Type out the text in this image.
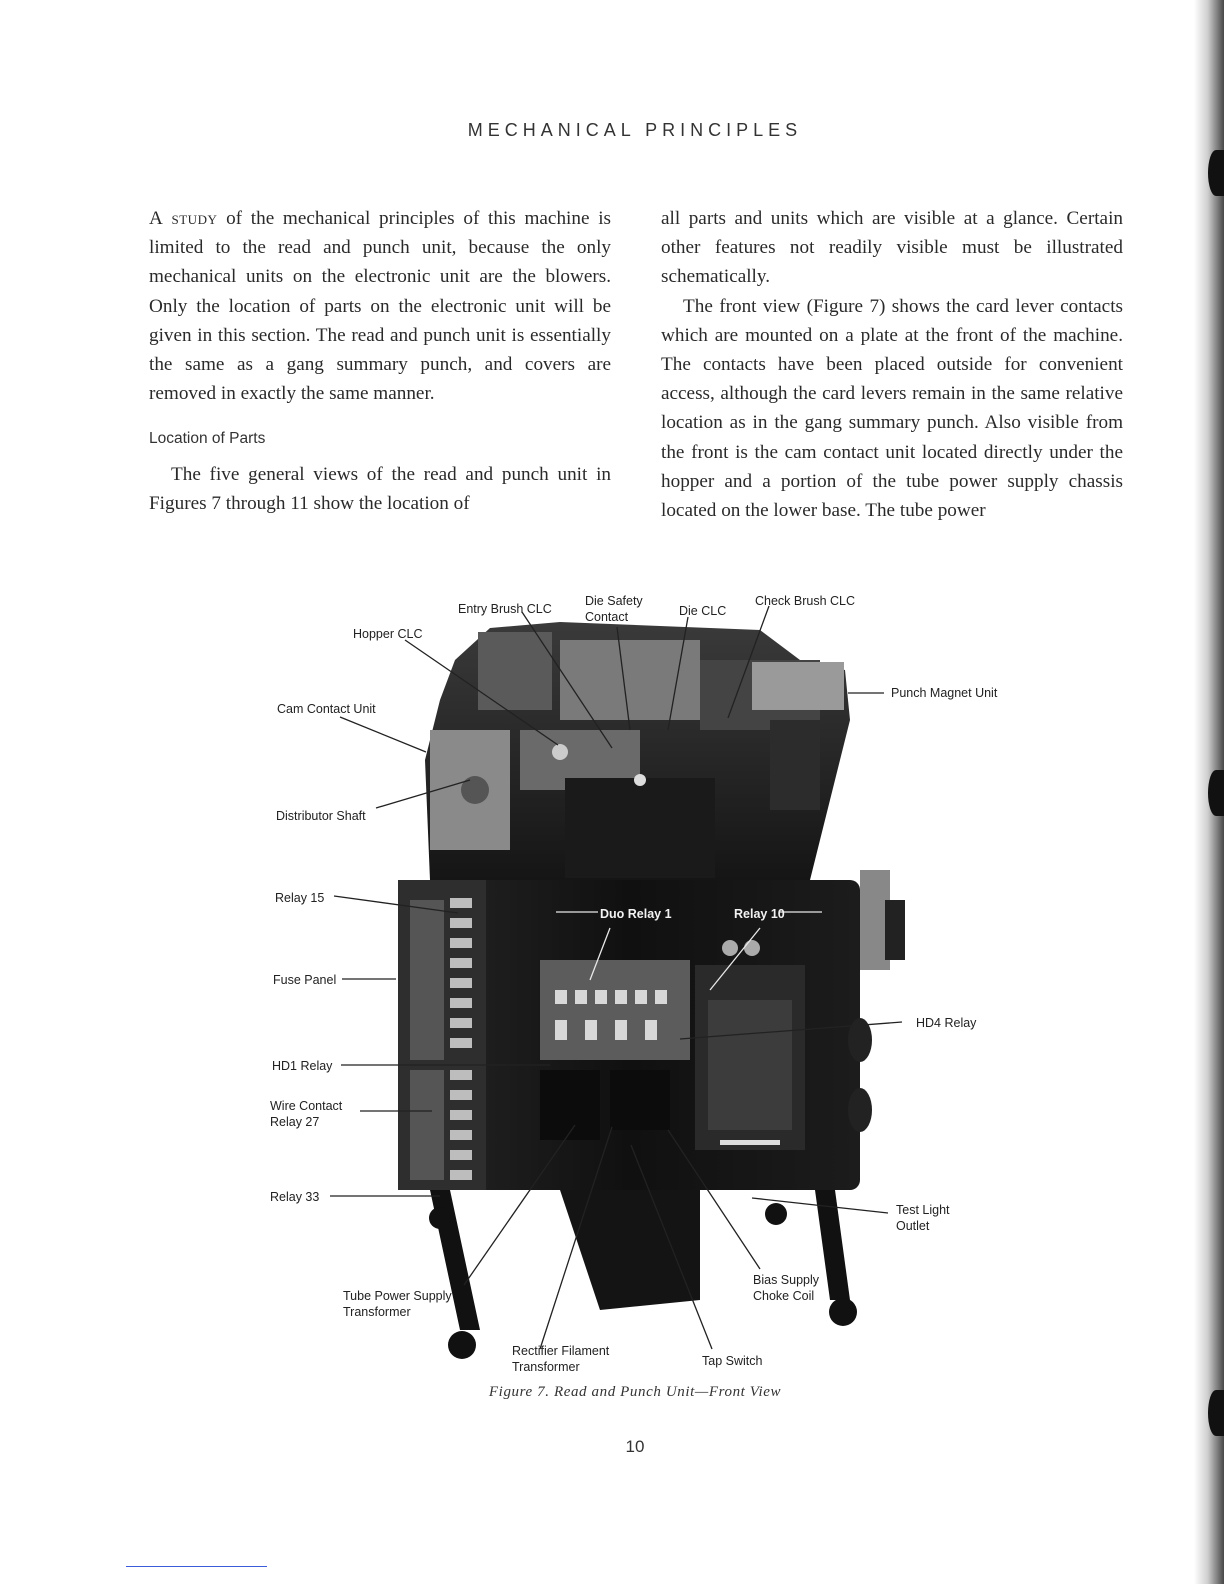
MECHANICAL PRINCIPLES

A study of the mechanical principles of this machine is limited to the read and punch unit, because the only mechanical units on the electronic unit are the blowers. Only the location of parts on the electronic unit will be given in this section. The read and punch unit is essentially the same as a gang summary punch, and covers are removed in exactly the same manner.

Location of Parts

The five general views of the read and punch unit in Figures 7 through 11 show the location of

all parts and units which are visible at a glance. Certain other features not readily visible must be illustrated schematically.

The front view (Figure 7) shows the card lever contacts which are mounted on a plate at the front of the machine. The contacts have been placed outside for convenient access, although the card levers remain in the same relative location as in the gang summary punch. Also visible from the front is the cam contact unit located directly under the hopper and a portion of the tube power supply chassis located on the lower base. The tube power

Entry Brush CLC
Die Safety
Contact	Die CLC
Check Brush CLC
Hopper CLC
Punch Magnet Unit
Cam Contact Unit
Distributor Shaft
Relay 15
Duo Relay 1	Relay 10
Fuse Panel
HD4 Relay
HD1 Relay
Wire Contact
Relay 27
Relay 33
Test Light
Outlet
Bias Supply
Choke Coil
Tube Power Supply
Transformer
Rectifier Filament
Transformer	Tap Switch
Figure 7. Read and Punch Unit—Front View
10
